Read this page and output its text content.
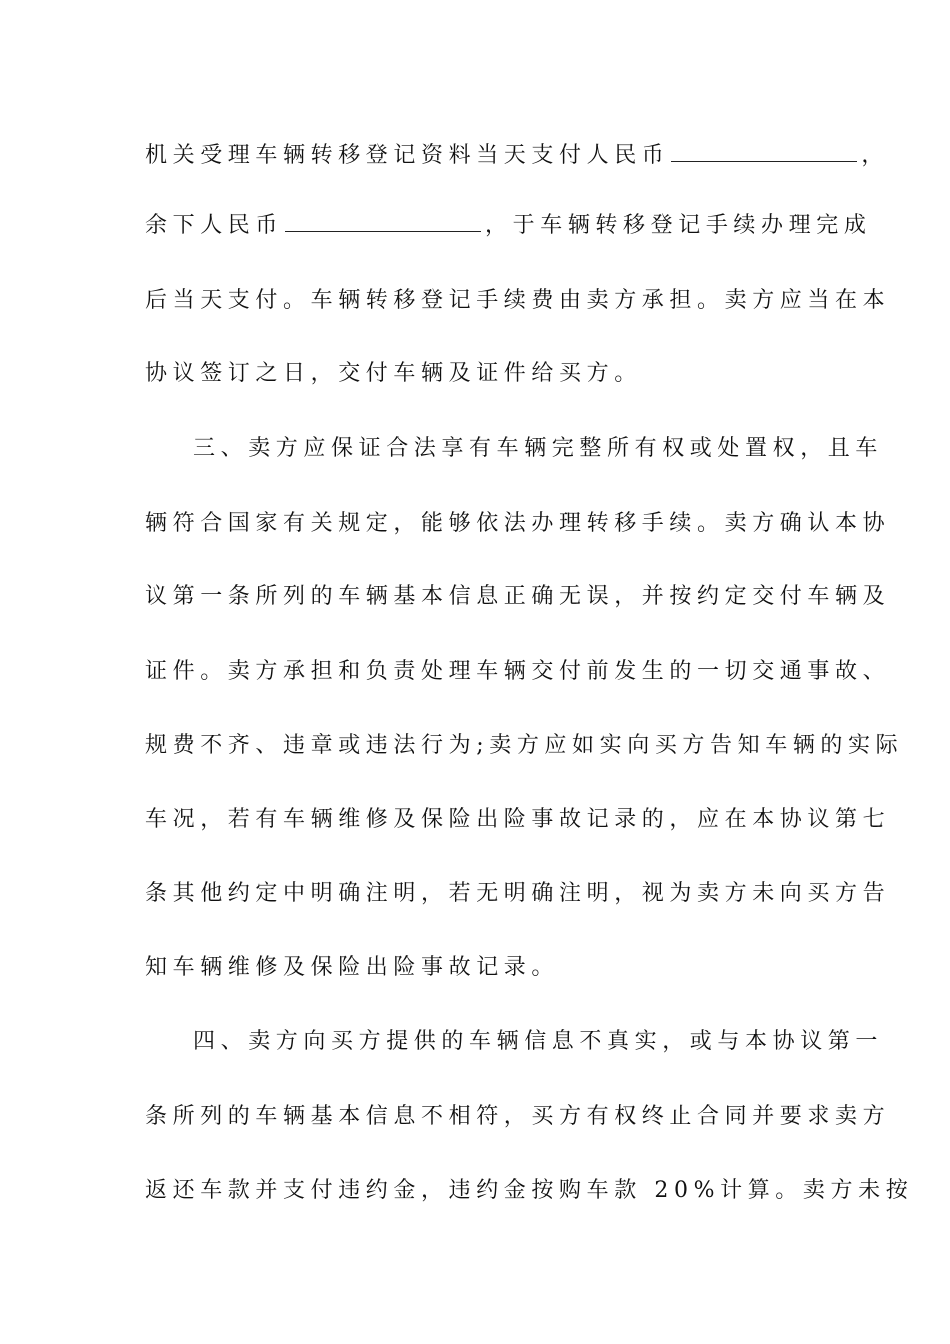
机关受理车辆转移登记资料当天支付人民币	，
余下人民币	，于车辆转移登记手续办理完成
后当天支付。车辆转移登记手续费由卖方承担。卖方应当在本
协议签订之日，交付车辆及证件给买方。
三、卖方应保证合法享有车辆完整所有权或处置权，且车
辆符合国家有关规定，能够依法办理转移手续。卖方确认本协
议第一条所列的车辆基本信息正确无误，并按约定交付车辆及
证件。卖方承担和负责处理车辆交付前发生的一切交通事故、
规费不齐、违章或违法行为;卖方应如实向买方告知车辆的实际
车况，若有车辆维修及保险出险事故记录的，应在本协议第七
条其他约定中明确注明，若无明确注明，视为卖方未向买方告
知车辆维修及保险出险事故记录。
四、卖方向买方提供的车辆信息不真实，或与本协议第一
条所列的车辆基本信息不相符，买方有权终止合同并要求卖方
返还车款并支付违约金，违约金按购车款 20%计算。卖方未按
